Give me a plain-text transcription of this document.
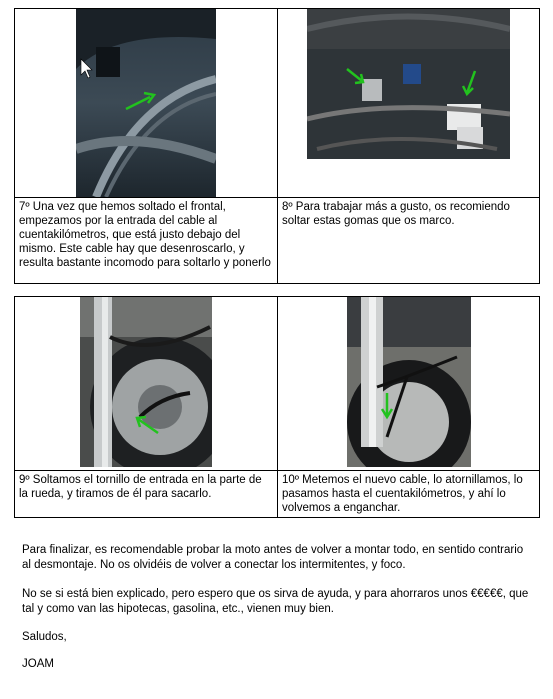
7º Una vez que hemos soltado el frontal, empezamos por la entrada del cable al cuentakilómetros, que está justo debajo del mismo. Este cable hay que desenroscarlo, y resulta bastante incomodo para soltarlo y ponerlo
8º Para trabajar más a gusto, os recomiendo soltar estas gomas que os marco.
9º Soltamos el tornillo de entrada en la parte de la rueda, y tiramos de él para sacarlo.
10º Metemos el nuevo cable, lo atornillamos, lo pasamos hasta el cuentakilómetros, y ahí lo volvemos a enganchar.

Para finalizar, es recomendable probar la moto antes de volver a montar todo, en sentido contrario al desmontaje. No os olvidéis de volver a conectar los intermitentes, y foco.

No se si está bien explicado, pero espero que os sirva de ayuda, y para ahorraros unos €€€€€, que tal y como van las hipotecas, gasolina, etc., vienen muy bien.

Saludos,

JOAM
